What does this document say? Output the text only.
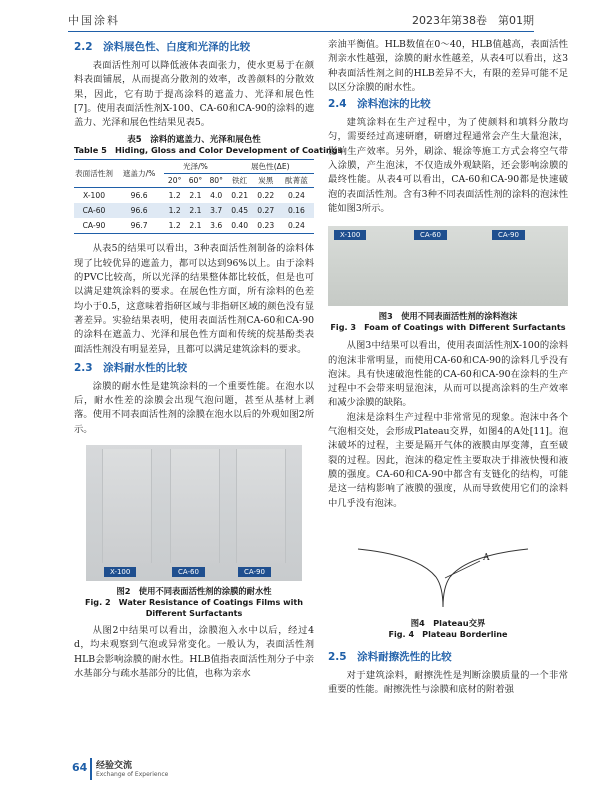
中国涂料	2023年第38卷　第01期
2.2　涂料展色性、白度和光泽的比较

表面活性剂可以降低液体表面张力，使水更易于在颜料表面铺展，从而提高分散剂的效率，改善颜料的分散效果，因此，它有助于提高涂料的遮盖力、光泽和展色性[7]。使用表面活性剂X-100、CA-60和CA-90的涂料的遮盖力、光泽和展色性结果见表5。

表5　涂料的遮盖力、光泽和展色性
Table 5　Hiding, Gloss and Color Development of Coatings
表面活性剂	遮盖力/%	光泽/%			展色性(ΔE)		
		20°	60°	80°	铁红	炭黑	酞菁蓝
X-100	96.6	1.2	2.1	4.0	0.21	0.22	0.24
CA-60	96.6	1.2	2.1	3.7	0.45	0.27	0.16
CA-90	96.7	1.2	2.1	3.6	0.40	0.23	0.24

从表5的结果可以看出，3种表面活性剂制备的涂料体现了比较优异的遮盖力，都可以达到96%以上。由于涂料的PVC比较高，所以光泽的结果整体都比较低，但是也可以满足建筑涂料的要求。在展色性方面，所有涂料的色差均小于0.5，这意味着指研区域与非指研区域的颜色没有显著差异。实验结果表明，使用表面活性剂CA-60和CA-90的涂料在遮盖力、光泽和展色性方面和传统的烷基酚类表面活性剂没有明显差异，且都可以满足建筑涂料的要求。

2.3　涂料耐水性的比较

涂膜的耐水性是建筑涂料的一个重要性能。在泡水以后，耐水性差的涂膜会出现气泡问题，甚至从基材上剥落。使用不同表面活性剂的涂膜在泡水以后的外观如图2所示。

X-100	CA-60	CA-90
图2　使用不同表面活性剂的涂膜的耐水性
Fig. 2　Water Resistance of Coatings Films with Different Surfactants

从图2中结果可以看出，涂膜泡入水中以后，经过4 d，均未观察到气泡或异常变化。一般认为，表面活性剂HLB会影响涂膜的耐水性。HLB值指表面活性剂分子中亲水基部分与疏水基部分的比值，也称为亲水

亲油平衡值。HLB数值在0～40，HLB值越高，表面活性剂亲水性越强，涂膜的耐水性越差，从表4可以看出，这3种表面活性剂之间的HLB差异不大，有限的差异可能不足以区分涂膜的耐水性。

2.4　涂料泡沫的比较

建筑涂料在生产过程中，为了使颜料和填料分散均匀，需要经过高速研磨，研磨过程通常会产生大量泡沫，影响生产效率。另外，刷涂、辊涂等施工方式会将空气带入涂膜，产生泡沫，不仅造成外观缺陷，还会影响涂膜的最终性能。从表4可以看出，CA-60和CA-90都是快速破泡的表面活性剂。含有3种不同表面活性剂的涂料的泡沫性能如图3所示。

X-100	CA-60	CA-90
图3　使用不同表面活性剂的涂料泡沫
Fig. 3　Foam of Coatings with Different Surfactants

从图3中结果可以看出，使用表面活性剂X-100的涂料的泡沫非常明显，而使用CA-60和CA-90的涂料几乎没有泡沫。具有快速破泡性能的CA-60和CA-90在涂料的生产过程中不会带来明显泡沫，从而可以提高涂料的生产效率和减少涂膜的缺陷。

泡沫是涂料生产过程中非常常见的现象。泡沫中各个气泡相交处，会形成Plateau交界，如图4的A处[11]。泡沫破坏的过程，主要是隔开气体的液膜由厚变薄，直至破裂的过程。因此，泡沫的稳定性主要取决于排液快慢和液膜的强度。CA-60和CA-90中都含有支链化的结构，可能是这一结构影响了液膜的强度，从而导致使用它们的涂料中几乎没有泡沫。

A
图4　Plateau交界
Fig. 4　Plateau Borderline
2.5　涂料耐擦洗性的比较

对于建筑涂料，耐擦洗性是判断涂膜质量的一个非常重要的性能。耐擦洗性与涂膜和底材的附着强

64 经验交流
Exchange of Experience
